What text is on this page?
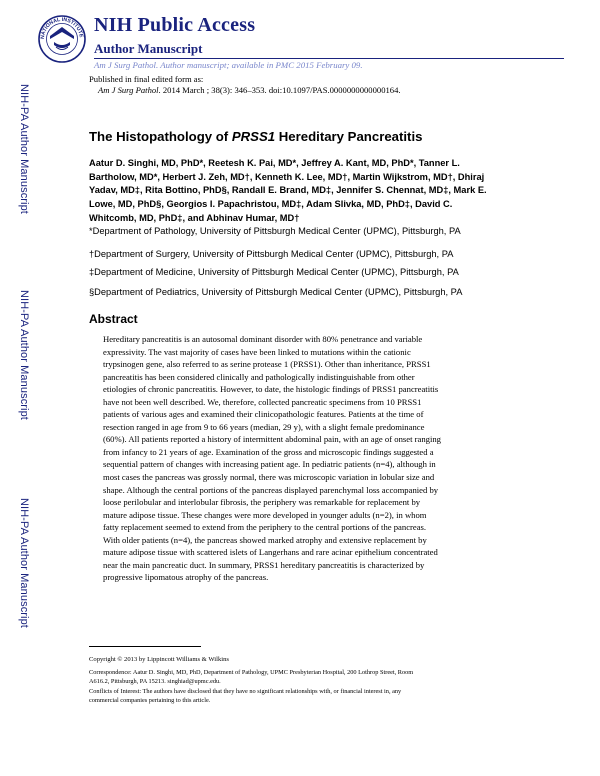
NATIONAL INSTITUTE NIH Public Access
Author Manuscript
Am J Surg Pathol. Author manuscript; available in PMC 2015 February 09.
Published in final edited form as:
Am J Surg Pathol. 2014 March ; 38(3): 346–353. doi:10.1097/PAS.0000000000000164.
NIH-PA Author Manuscript
NIH-PA Author Manuscript
NIH-PA Author Manuscript
The Histopathology of PRSS1 Hereditary Pancreatitis
Aatur D. Singhi, MD, PhD*, Reetesh K. Pai, MD*, Jeffrey A. Kant, MD, PhD*, Tanner L.
Bartholow, MD*, Herbert J. Zeh, MD†, Kenneth K. Lee, MD†, Martin Wijkstrom, MD†, Dhiraj
Yadav, MD‡, Rita Bottino, PhD§, Randall E. Brand, MD‡, Jennifer S. Chennat, MD‡, Mark E.
Lowe, MD, PhD§, Georgios I. Papachristou, MD‡, Adam Slivka, MD, PhD‡, David C.
Whitcomb, MD, PhD‡, and Abhinav Humar, MD†
*Department of Pathology, University of Pittsburgh Medical Center (UPMC), Pittsburgh, PA
†Department of Surgery, University of Pittsburgh Medical Center (UPMC), Pittsburgh, PA
‡Department of Medicine, University of Pittsburgh Medical Center (UPMC), Pittsburgh, PA
§Department of Pediatrics, University of Pittsburgh Medical Center (UPMC), Pittsburgh, PA
Abstract
Hereditary pancreatitis is an autosomal dominant disorder with 80% penetrance and variable
expressivity. The vast majority of cases have been linked to mutations within the cationic
trypsinogen gene, also referred to as serine protease 1 (PRSS1). Other than inheritance, PRSS1
pancreatitis has been considered clinically and pathologically indistinguishable from other
etiologies of chronic pancreatitis. However, to date, the histologic findings of PRSS1 pancreatitis
have not been well described. We, therefore, collected pancreatic specimens from 10 PRSS1
patients of various ages and examined their clinicopathologic features. Patients at the time of
resection ranged in age from 9 to 66 years (median, 29 y), with a slight female predominance
(60%). All patients reported a history of intermittent abdominal pain, with an age of onset ranging
from infancy to 21 years of age. Examination of the gross and microscopic findings suggested a
sequential pattern of changes with increasing patient age. In pediatric patients (n=4), although in
most cases the pancreas was grossly normal, there was microscopic variation in lobular size and
shape. Although the central portions of the pancreas displayed parenchymal loss accompanied by
loose perilobular and interlobular fibrosis, the periphery was remarkable for replacement by
mature adipose tissue. These changes were more developed in younger adults (n=2), in whom
fatty replacement seemed to extend from the periphery to the central portions of the pancreas.
With older patients (n=4), the pancreas showed marked atrophy and extensive replacement by
mature adipose tissue with scattered islets of Langerhans and rare acinar epithelium concentrated
near the main pancreatic duct. In summary, PRSS1 hereditary pancreatitis is characterized by
progressive lipomatous atrophy of the pancreas.
Copyright © 2013 by Lippincott Williams & Wilkins
Correspondence: Aatur D. Singhi, MD, PhD, Department of Pathology, UPMC Presbyterian Hospital, 200 Lothrop Street, Room
A616.2, Pittsburgh, PA 15213. singhiad@upmc.edu.
Conflicts of Interest: The authors have disclosed that they have no significant relationships with, or financial interest in, any
commercial companies pertaining to this article.
